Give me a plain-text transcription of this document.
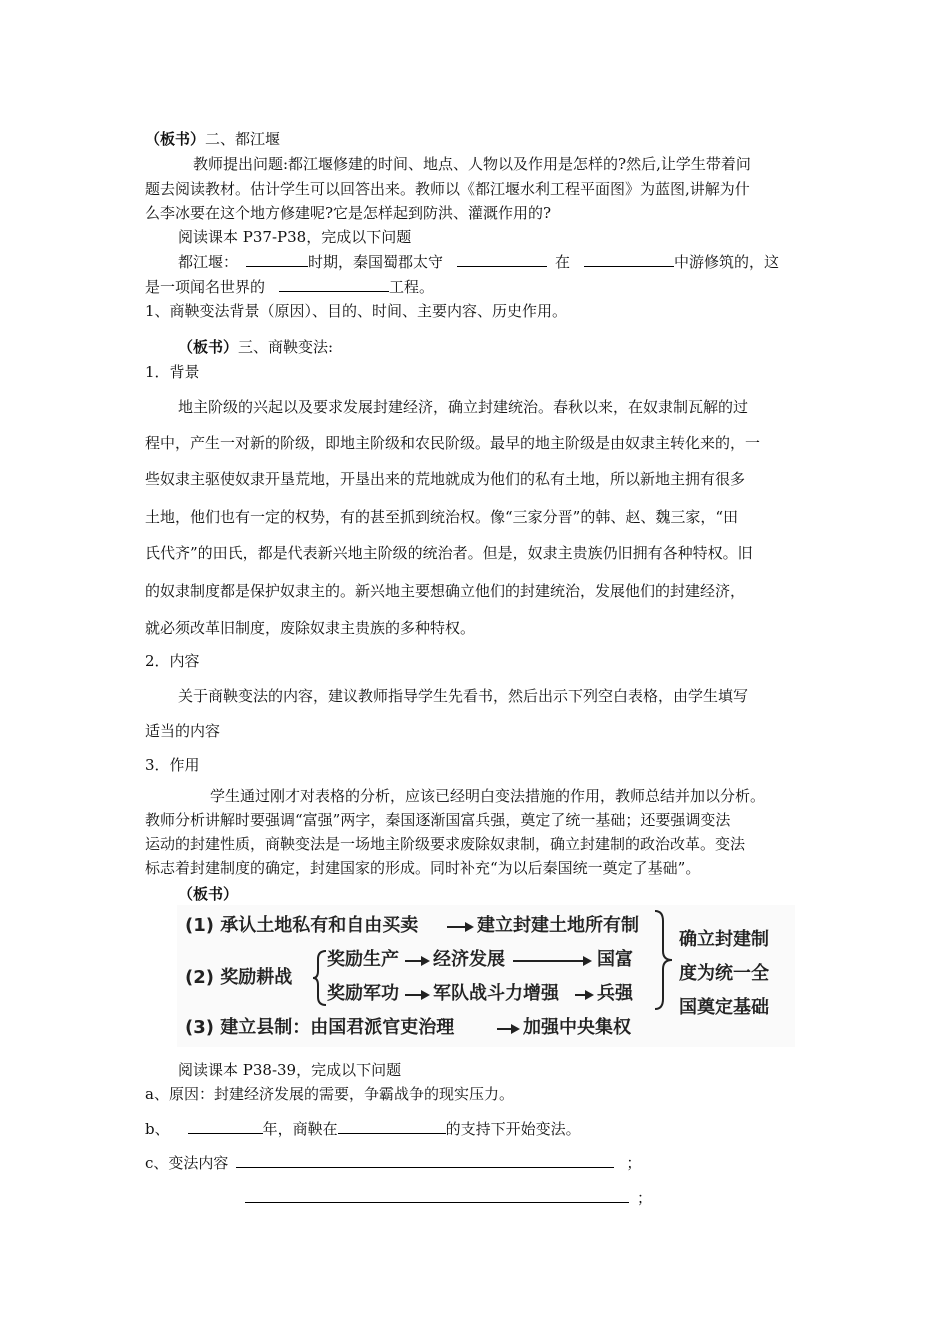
（板书）二、都江堰
教师提出问题:都江堰修建的时间、地点、人物以及作用是怎样的?然后,让学生带着问
题去阅读教材。估计学生可以回答出来。教师以《都江堰水利工程平面图》为蓝图,讲解为什
么李冰要在这个地方修建呢?它是怎样起到防洪、灌溉作用的?
阅读课本 P37-P38，完成以下问题
都江堰：	时期，秦国蜀郡太守	在	中游修筑的，这
是一项闻名世界的	工程。
1、商鞅变法背景（原因）、目的、时间、主要内容、历史作用。
（板书）三、商鞅变法:
1．背景
地主阶级的兴起以及要求发展封建经济，确立封建统治。春秋以来，在奴隶制瓦解的过
程中，产生一对新的阶级，即地主阶级和农民阶级。最早的地主阶级是由奴隶主转化来的，一
些奴隶主驱使奴隶开垦荒地，开垦出来的荒地就成为他们的私有土地，所以新地主拥有很多
土地，他们也有一定的权势，有的甚至抓到统治权。像“三家分晋”的韩、赵、魏三家，“田
氏代齐”的田氏，都是代表新兴地主阶级的统治者。但是，奴隶主贵族仍旧拥有各种特权。旧
的奴隶制度都是保护奴隶主的。新兴地主要想确立他们的封建统治，发展他们的封建经济，
就必须改革旧制度，废除奴隶主贵族的多种特权。
2．内容
关于商鞅变法的内容，建议教师指导学生先看书，然后出示下列空白表格，由学生填写
适当的内容
3．作用
学生通过刚才对表格的分析，应该已经明白变法措施的作用，教师总结并加以分析。
教师分析讲解时要强调“富强”两字，秦国逐渐国富兵强，奠定了统一基础；还要强调变法
运动的封建性质，商鞅变法是一场地主阶级要求废除奴隶制，确立封建制的政治改革。变法
标志着封建制度的确定，封建国家的形成。同时补充“为以后秦国统一奠定了基础”。
（板书）
(1) 承认土地私有和自由买卖	建立封建土地所有制
(2) 奖励耕战
奖励生产 经济发展	国富
奖励军功 军队战斗力增强 兵强
(3) 建立县制：由国君派官吏治理	加强中央集权
确立封建制
度为统一全
国奠定基础
阅读课本 P38-39，完成以下问题
a、原因：封建经济发展的需要，争霸战争的现实压力。
b、	年，商鞅在	的支持下开始变法。
c、变法内容	；
；
